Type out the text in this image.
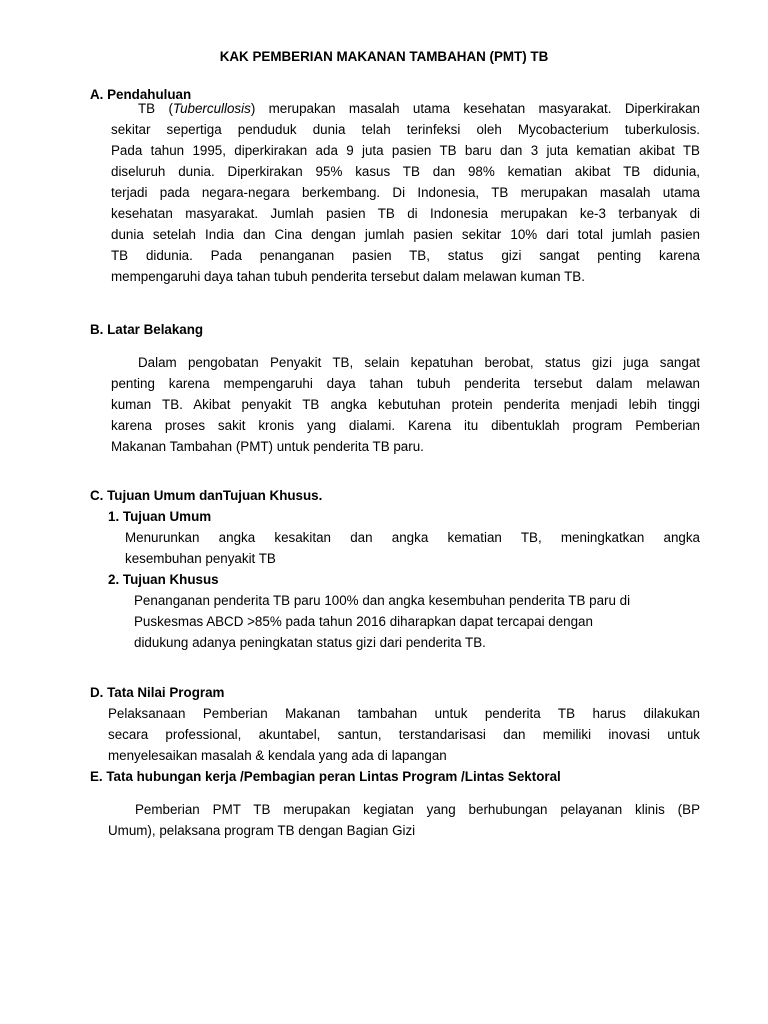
KAK PEMBERIAN MAKANAN TAMBAHAN (PMT) TB
A. Pendahuluan
TB (Tubercullosis) merupakan masalah utama kesehatan masyarakat. Diperkirakan
sekitar sepertiga penduduk dunia telah terinfeksi oleh Mycobacterium tuberkulosis.
Pada tahun 1995, diperkirakan ada 9 juta pasien TB baru dan 3 juta kematian akibat TB
diseluruh dunia. Diperkirakan 95% kasus TB dan 98% kematian akibat TB didunia,
terjadi pada negara-negara berkembang. Di Indonesia, TB merupakan masalah utama
kesehatan masyarakat. Jumlah pasien TB di Indonesia merupakan ke-3 terbanyak di
dunia setelah India dan Cina dengan jumlah pasien sekitar 10% dari total jumlah pasien
TB didunia. Pada penanganan pasien TB, status gizi sangat penting karena
mempengaruhi daya tahan tubuh penderita tersebut dalam melawan kuman TB.
B. Latar Belakang
Dalam pengobatan Penyakit TB, selain kepatuhan berobat, status gizi juga sangat
penting karena mempengaruhi daya tahan tubuh penderita tersebut dalam melawan
kuman TB. Akibat penyakit TB angka kebutuhan protein penderita menjadi lebih tinggi
karena proses sakit kronis yang dialami. Karena itu dibentuklah program Pemberian
Makanan Tambahan (PMT) untuk penderita TB paru.
C. Tujuan Umum danTujuan Khusus.
1. Tujuan Umum
Menurunkan angka kesakitan dan angka kematian TB, meningkatkan angka
kesembuhan penyakit TB
2. Tujuan Khusus
Penanganan penderita TB paru 100% dan angka kesembuhan penderita TB paru di
Puskesmas ABCD >85% pada tahun 2016 diharapkan dapat tercapai dengan
didukung adanya peningkatan status gizi dari penderita TB.
D. Tata Nilai Program
Pelaksanaan Pemberian Makanan tambahan untuk penderita TB harus dilakukan
secara professional, akuntabel, santun, terstandarisasi dan memiliki inovasi untuk
menyelesaikan masalah & kendala yang ada di lapangan
E. Tata hubungan kerja /Pembagian peran Lintas Program /Lintas Sektoral
Pemberian PMT TB merupakan kegiatan yang berhubungan pelayanan klinis (BP
Umum), pelaksana program TB dengan Bagian Gizi
